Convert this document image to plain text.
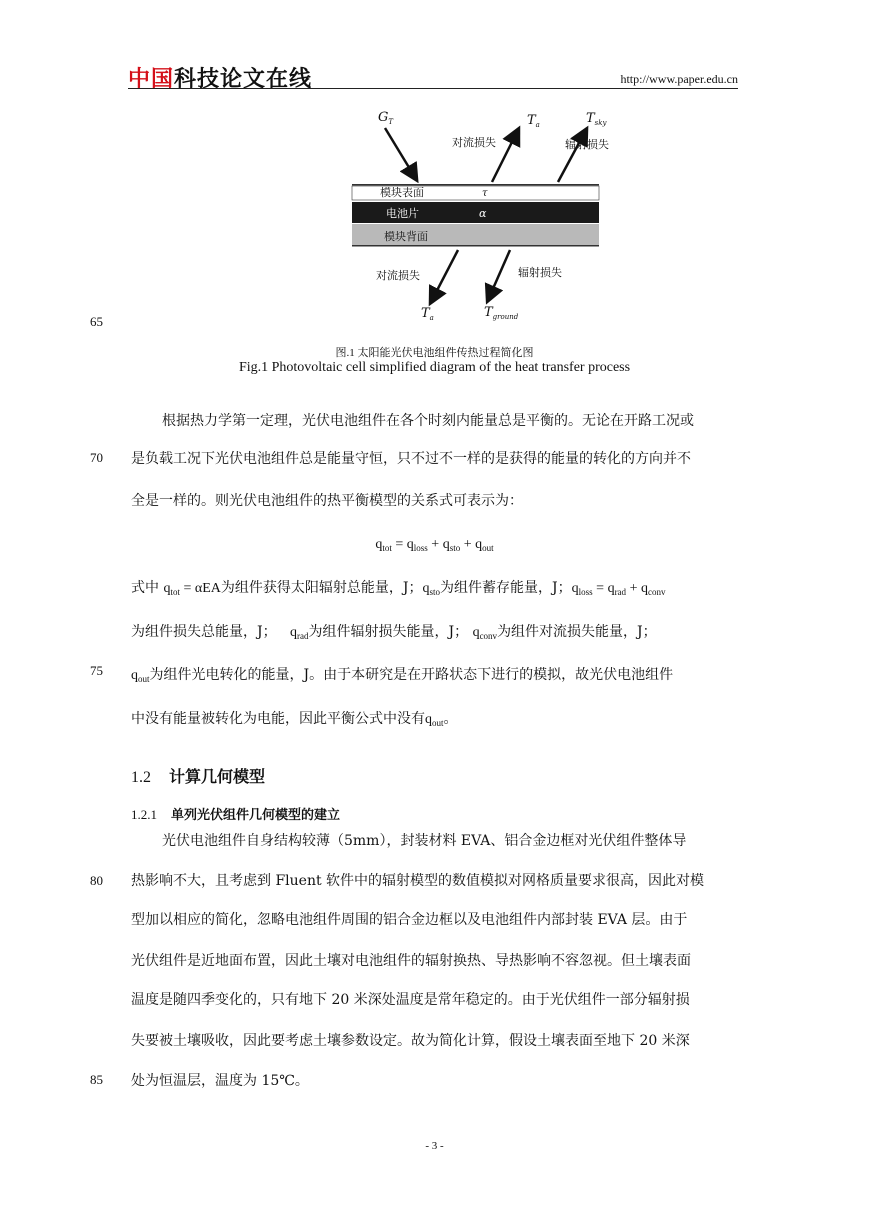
中国科技论文在线	http://www.paper.edu.cn
65
70
75
80
85
模块表面	τ
电池片	α
模块背面
$G_T$	$T_a$	$T_{sky}$
对流损失	辐射损失
对流损失	辐射损失
$T_a$	$T_{ground}$
图.1 太阳能光伏电池组件传热过程简化图
Fig.1 Photovoltaic cell simplified diagram of the heat transfer process
根据热力学第一定理，光伏电池组件在各个时刻内能量总是平衡的。无论在开路工况或
是负载工况下光伏电池组件总是能量守恒，只不过不一样的是获得的能量的转化的方向并不
全是一样的。则光伏电池组件的热平衡模型的关系式可表示为：
$q_{tot} = q_{loss} + q_{sto} + q_{out}$
式中 $q_{tot} = \alpha EA$为组件获得太阳辐射总能量，J；$q_{sto}$为组件蓄存能量，J；$q_{loss} = q_{rad} + q_{conv}$
为组件损失总能量，J； $q_{rad}$为组件辐射损失能量，J； $q_{conv}$为组件对流损失能量，J；
$q_{out}$为组件光电转化的能量，J。由于本研究是在开路状态下进行的模拟，故光伏电池组件
中没有能量被转化为电能，因此平衡公式中没有$q_{out}$。
1.2 计算几何模型
1.2.1 单列光伏组件几何模型的建立
光伏电池组件自身结构较薄（5mm），封装材料 EVA、铝合金边框对光伏组件整体导
热影响不大，且考虑到 Fluent 软件中的辐射模型的数值模拟对网格质量要求很高，因此对模
型加以相应的简化，忽略电池组件周围的铝合金边框以及电池组件内部封装 EVA 层。由于
光伏组件是近地面布置，因此土壤对电池组件的辐射换热、导热影响不容忽视。但土壤表面
温度是随四季变化的，只有地下 20 米深处温度是常年稳定的。由于光伏组件一部分辐射损
失要被土壤吸收，因此要考虑土壤参数设定。故为简化计算，假设土壤表面至地下 20 米深
处为恒温层，温度为 15℃。
- 3 -
